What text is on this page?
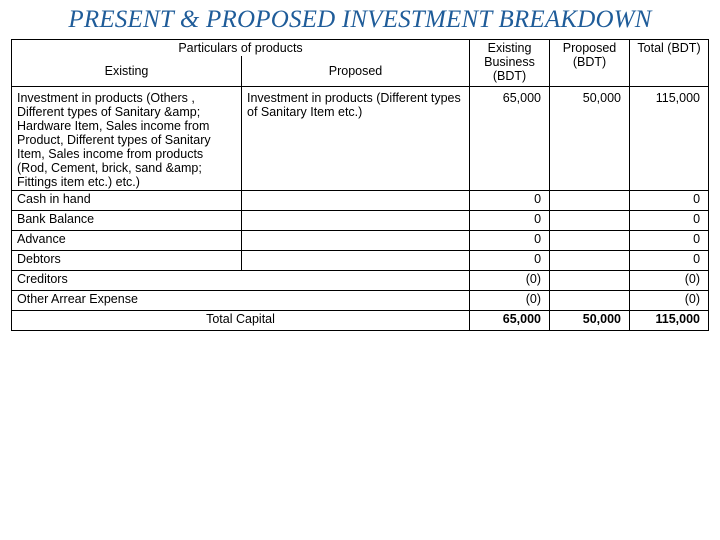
PRESENT & PROPOSED INVESTMENT BREAKDOWN
Particulars of products		Existing Business (BDT)	Proposed (BDT)	Total (BDT)
Existing	Proposed			
Investment in products (Others , Different types of Sanitary &amp; Hardware Item, Sales income from Product, Different types of Sanitary Item, Sales income from products (Rod, Cement, brick, sand &amp; Fittings item etc.) etc.)	Investment in products (Different types of Sanitary Item etc.)	65,000	50,000	115,000
Cash in hand		0		0
Bank Balance		0		0
Advance		0		0
Debtors		0		0
Creditors		(0)		(0)
Other Arrear Expense		(0)		(0)
Total Capital		65,000	50,000	115,000
